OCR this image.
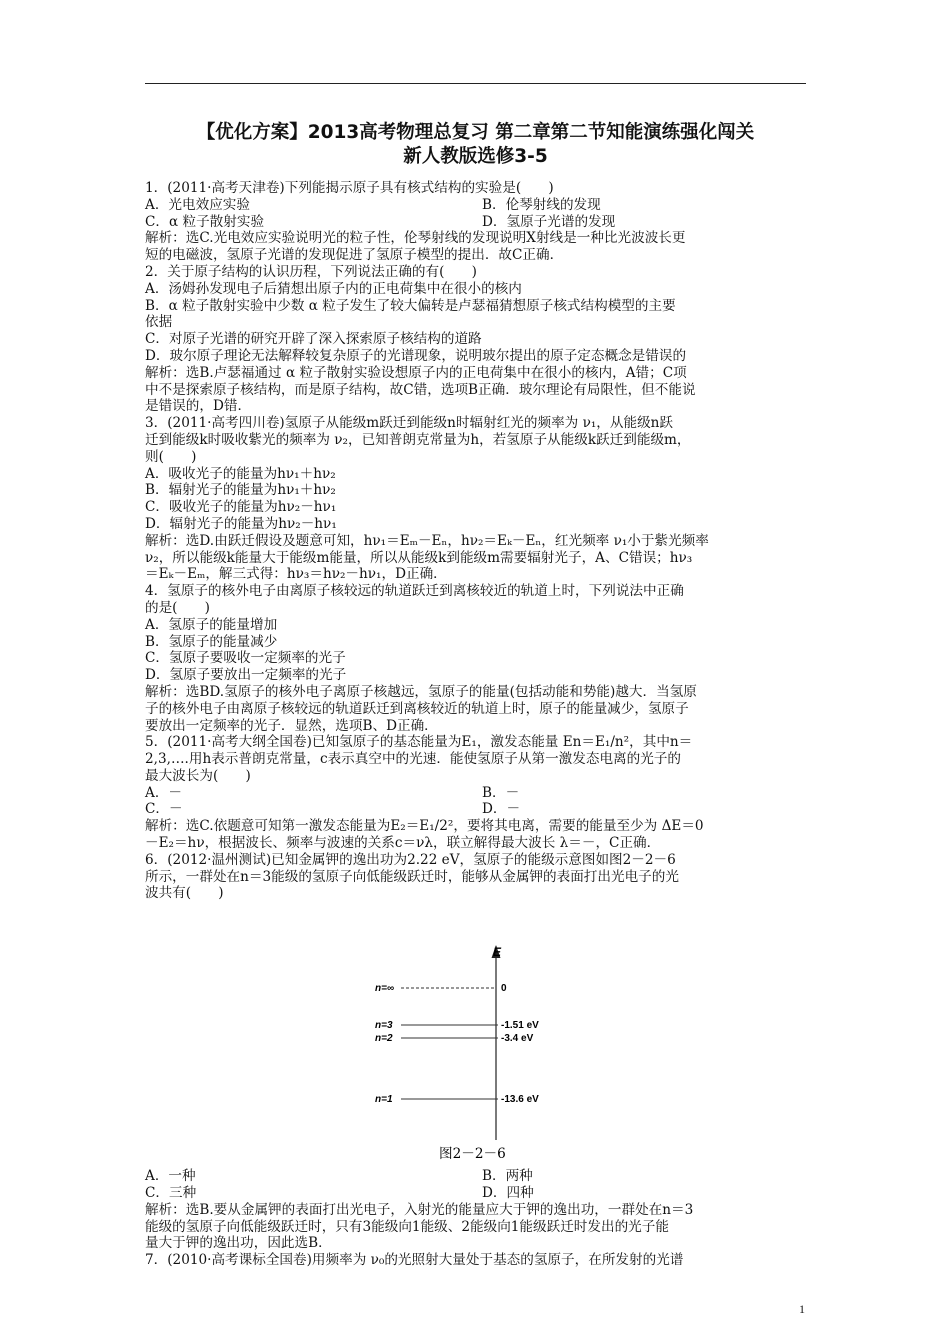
【优化方案】2013高考物理总复习 第二章第二节知能演练强化闯关
新人教版选修3-5

1．(2011·高考天津卷)下列能揭示原子具有核式结构的实验是(　　)

A．光电效应实验	B．伦琴射线的发现
C．α 粒子散射实验	D．氢原子光谱的发现

解析：选C.光电效应实验说明光的粒子性，伦琴射线的发现说明X射线是一种比光波波长更

短的电磁波，氢原子光谱的发现促进了氢原子模型的提出．故C正确．

2．关于原子结构的认识历程，下列说法正确的有(　　)

A．汤姆孙发现电子后猜想出原子内的正电荷集中在很小的核内

B．α 粒子散射实验中少数 α 粒子发生了较大偏转是卢瑟福猜想原子核式结构模型的主要

依据

C．对原子光谱的研究开辟了深入探索原子核结构的道路

D．玻尔原子理论无法解释较复杂原子的光谱现象，说明玻尔提出的原子定态概念是错误的

解析：选B.卢瑟福通过 α 粒子散射实验设想原子内的正电荷集中在很小的核内，A错；C项

中不是探索原子核结构，而是原子结构，故C错，选项B正确．玻尔理论有局限性，但不能说

是错误的，D错．

3．(2011·高考四川卷)氢原子从能级m跃迁到能级n时辐射红光的频率为 ν₁，从能级n跃

迁到能级k时吸收紫光的频率为 ν₂，已知普朗克常量为h，若氢原子从能级k跃迁到能级m，

则(　　)

A．吸收光子的能量为hν₁＋hν₂

B．辐射光子的能量为hν₁＋hν₂

C．吸收光子的能量为hν₂－hν₁

D．辐射光子的能量为hν₂－hν₁

解析：选D.由跃迁假设及题意可知，hν₁＝Eₘ－Eₙ，hν₂＝Eₖ－Eₙ，红光频率 ν₁小于紫光频率

ν₂，所以能级k能量大于能级m能量，所以从能级k到能级m需要辐射光子，A、C错误；hν₃

＝Eₖ－Eₘ，解三式得：hν₃＝hν₂－hν₁，D正确．

4．氢原子的核外电子由离原子核较远的轨道跃迁到离核较近的轨道上时，下列说法中正确

的是(　　)

A．氢原子的能量增加

B．氢原子的能量减少

C．氢原子要吸收一定频率的光子

D．氢原子要放出一定频率的光子

解析：选BD.氢原子的核外电子离原子核越远，氢原子的能量(包括动能和势能)越大．当氢原

子的核外电子由离原子核较远的轨道跃迁到离核较近的轨道上时，原子的能量减少，氢原子

要放出一定频率的光子．显然，选项B、D正确．

5．(2011·高考大纲全国卷)已知氢原子的基态能量为E₁，激发态能量 En＝E₁/n²，其中n＝

2,3,….用h表示普朗克常量，c表示真空中的光速．能使氢原子从第一激发态电离的光子的

最大波长为(　　)

A．－	B．－
C．－	D．－

解析：选C.依题意可知第一激发态能量为E₂＝E₁/2²，要将其电离，需要的能量至少为 ΔE＝0

－E₂＝hν，根据波长、频率与波速的关系c＝νλ，联立解得最大波长 λ＝－，C正确．

6．(2012·温州测试)已知金属钾的逸出功为2.22 eV，氢原子的能级示意图如图2－2－6

所示，一群处在n＝3能级的氢原子向低能级跃迁时，能够从金属钾的表面打出光电子的光

波共有(　　)

E
n=∞	0
n=3	-1.51 eV
n=2	-3.4 eV
n=1	-13.6 eV
图2－2－6
A．一种	B．两种
C．三种	D．四种

解析：选B.要从金属钾的表面打出光电子，入射光的能量应大于钾的逸出功，一群处在n＝3

能级的氢原子向低能级跃迁时，只有3能级向1能级、2能级向1能级跃迁时发出的光子能

量大于钾的逸出功，因此选B．

7．(2010·高考课标全国卷)用频率为 ν₀的光照射大量处于基态的氢原子，在所发射的光谱

1
